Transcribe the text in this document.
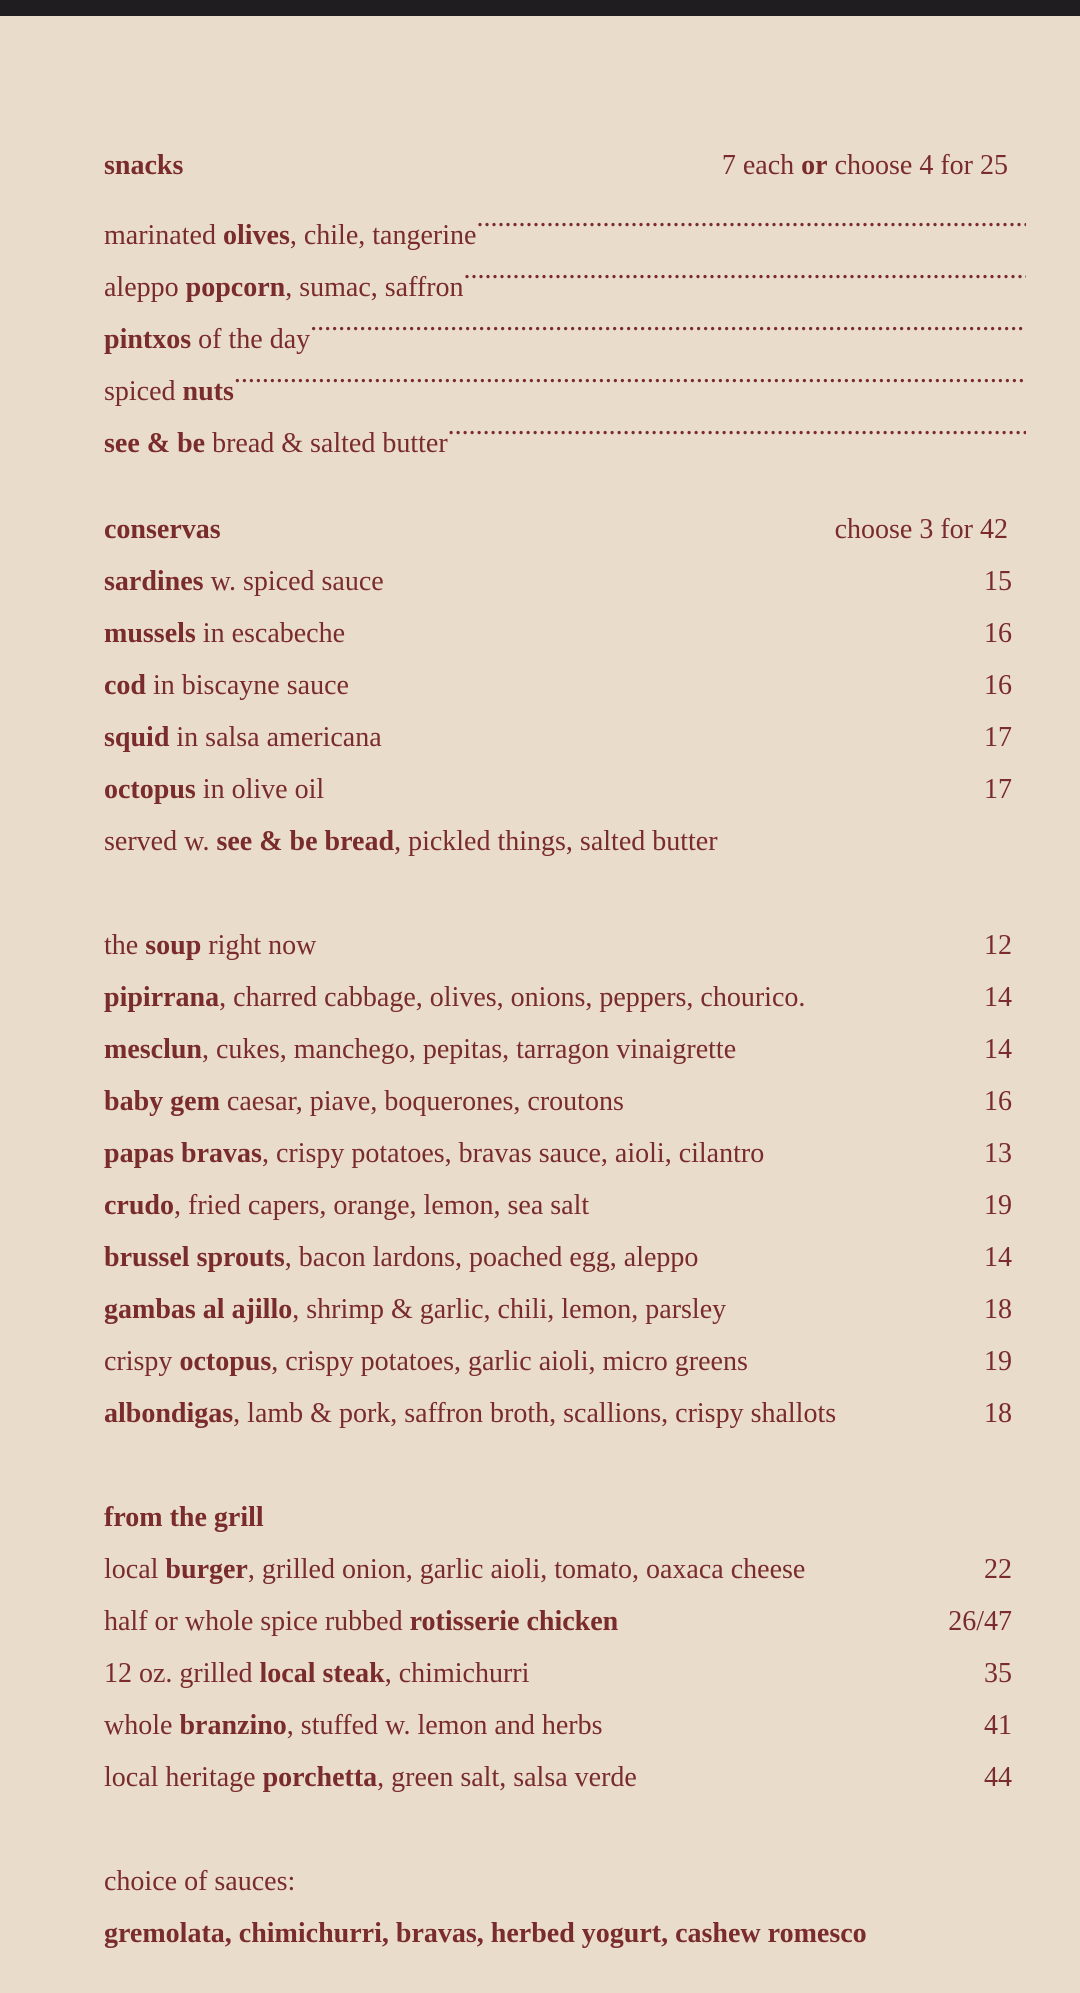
snacks	7 each or choose 4 for 25
marinated olives, chile, tangerine
.....
aleppo popcorn, sumac, saffron
.....
pintxos of the day
.....
spiced nuts
.....
see & be bread & salted butter
.....
conservas	choose 3 for 42
sardines w. spiced sauce	15
mussels in escabeche	16
cod in biscayne sauce	16
squid in salsa americana	17
octopus in olive oil	17
served w. see & be bread, pickled things, salted butter
the soup right now	12
pipirrana, charred cabbage, olives, onions, peppers, chourico.	14
mesclun, cukes, manchego, pepitas, tarragon vinaigrette	14
baby gem caesar, piave, boquerones, croutons	16
papas bravas, crispy potatoes, bravas sauce, aioli, cilantro	13
crudo, fried capers, orange, lemon, sea salt	19
brussel sprouts, bacon lardons, poached egg, aleppo	14
gambas al ajillo, shrimp & garlic, chili, lemon, parsley	18
crispy octopus, crispy potatoes, garlic aioli, micro greens	19
albondigas, lamb & pork, saffron broth, scallions, crispy shallots	18
from the grill
local burger, grilled onion, garlic aioli, tomato, oaxaca cheese	22
half or whole spice rubbed rotisserie chicken	26/47
12 oz. grilled local steak, chimichurri	35
whole branzino, stuffed w. lemon and herbs	41
local heritage porchetta, green salt, salsa verde	44
choice of sauces:
gremolata, chimichurri, bravas, herbed yogurt, cashew romesco
